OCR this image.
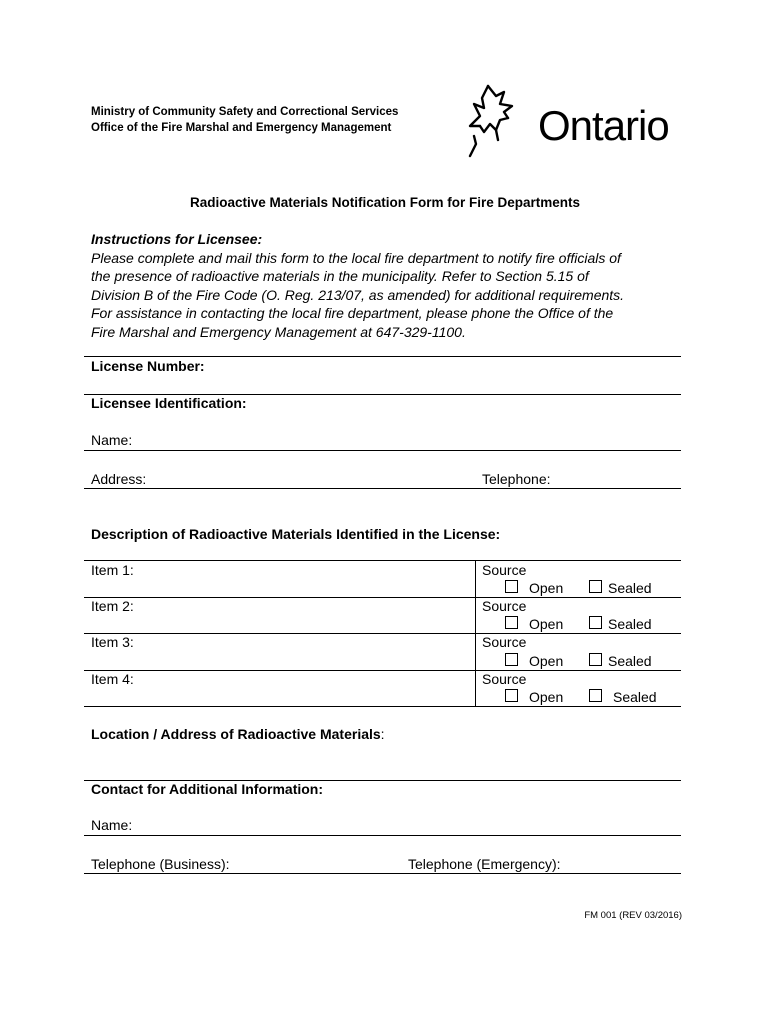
Ministry of Community Safety and Correctional Services
Office of the Fire Marshal and Emergency Management	Ontario
Radioactive Materials Notification Form for Fire Departments
Instructions for Licensee:
Please complete and mail this form to the local fire department to notify fire officials of
the presence of radioactive materials in the municipality. Refer to Section 5.15 of
Division B of the Fire Code (O. Reg. 213/07, as amended) for additional requirements.
For assistance in contacting the local fire department, please phone the Office of the
Fire Marshal and Emergency Management at 647-329-1100.
License Number:
Licensee Identification:
Name:
Address:	Telephone:
Description of Radioactive Materials Identified in the License:
Item 1:	Source
Open	Sealed
Item 2:	Source
Open	Sealed
Item 3:	Source
Open	Sealed
Item 4:	Source
Open	Sealed
Location / Address of Radioactive Materials:
Contact for Additional Information:
Name:
Telephone (Business):	Telephone (Emergency):
FM 001 (REV 03/2016)
